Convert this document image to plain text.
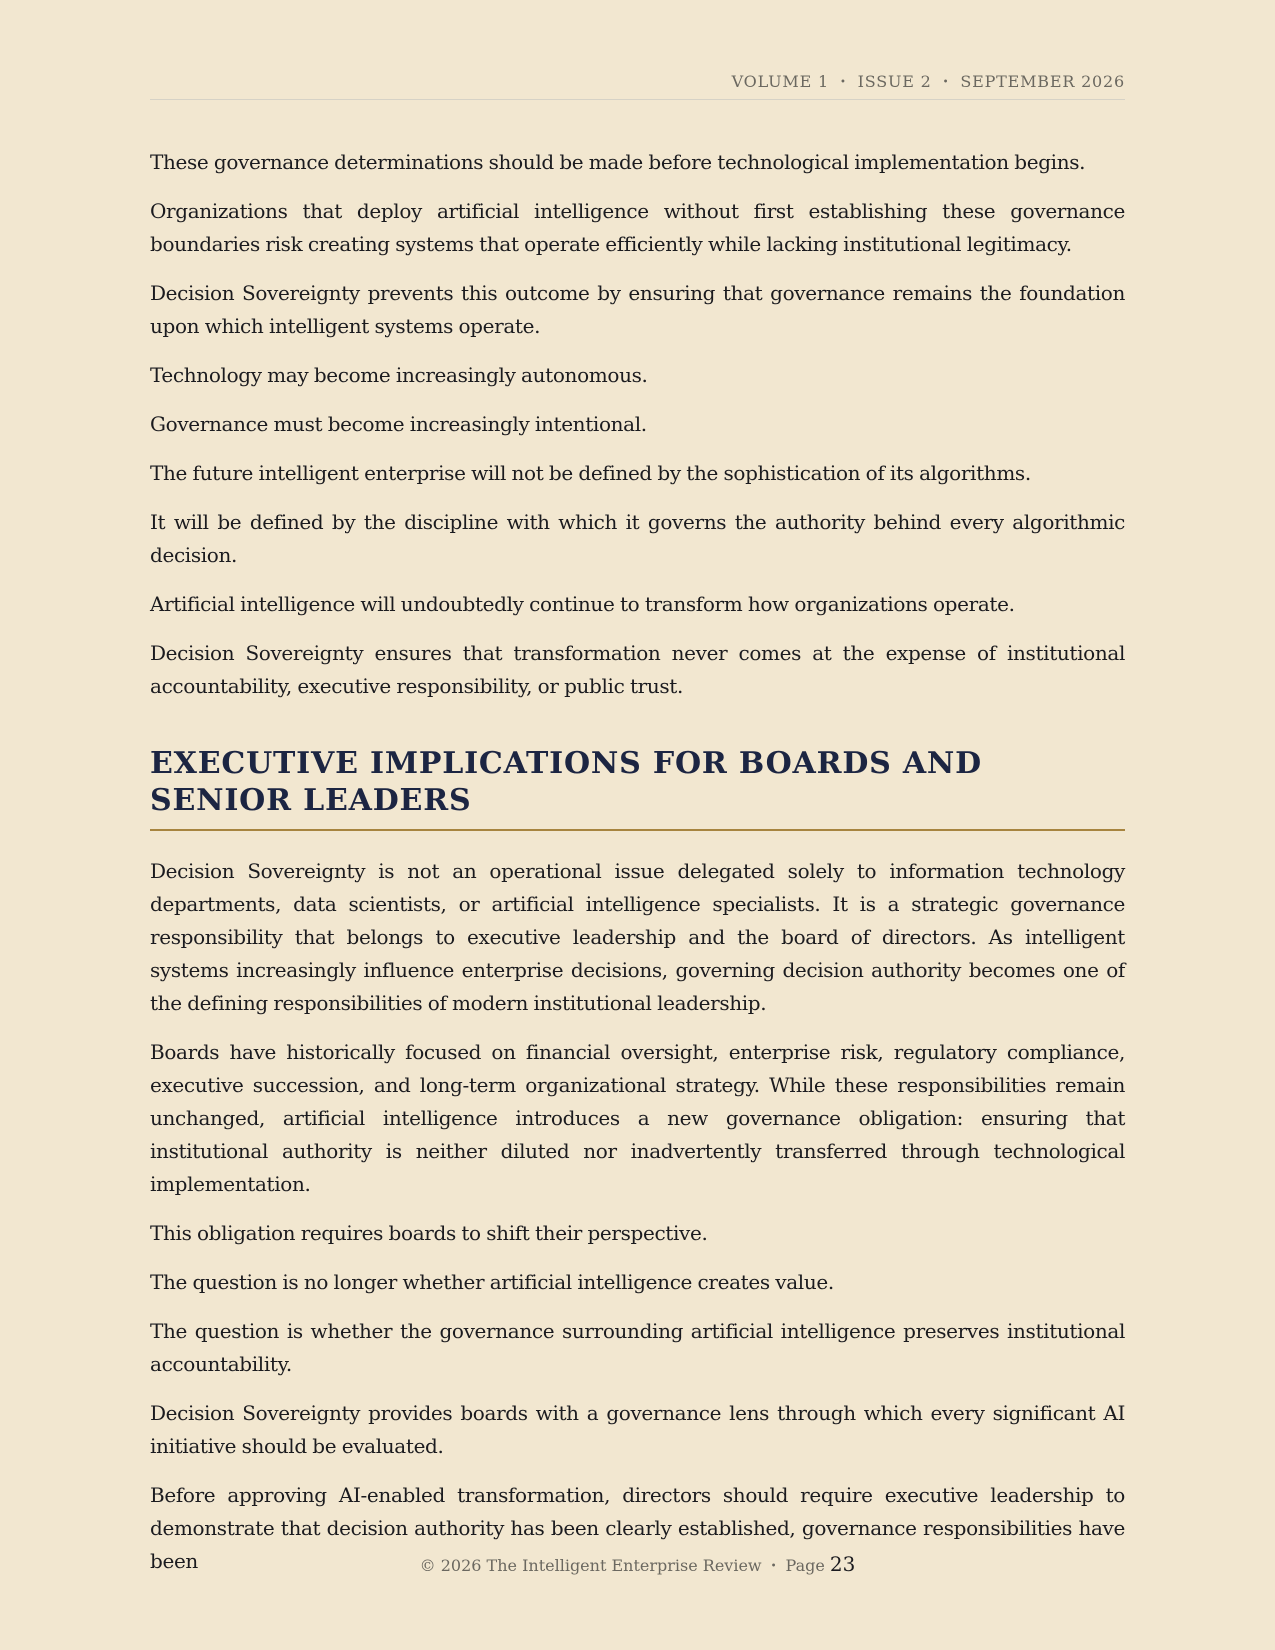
VOLUME 1 • ISSUE 2 • SEPTEMBER 2026

These governance determinations should be made before technological implementation begins.

Organizations that deploy artificial intelligence without first establishing these governance boundaries risk creating systems that operate efficiently while lacking institutional legitimacy.

Decision Sovereignty prevents this outcome by ensuring that governance remains the foundation upon which intelligent systems operate.

Technology may become increasingly autonomous.

Governance must become increasingly intentional.

The future intelligent enterprise will not be defined by the sophistication of its algorithms.

It will be defined by the discipline with which it governs the authority behind every algorithmic decision.

Artificial intelligence will undoubtedly continue to transform how organizations operate.

Decision Sovereignty ensures that transformation never comes at the expense of institutional accountability, executive responsibility, or public trust.

EXECUTIVE IMPLICATIONS FOR BOARDS AND SENIOR LEADERS

Decision Sovereignty is not an operational issue delegated solely to information technology departments, data scientists, or artificial intelligence specialists. It is a strategic governance responsibility that belongs to executive leadership and the board of directors. As intelligent systems increasingly influence enterprise decisions, governing decision authority becomes one of the defining responsibilities of modern institutional leadership.

Boards have historically focused on financial oversight, enterprise risk, regulatory compliance, executive succession, and long-term organizational strategy. While these responsibilities remain unchanged, artificial intelligence introduces a new governance obligation: ensuring that institutional authority is neither diluted nor inadvertently transferred through technological implementation.

This obligation requires boards to shift their perspective.

The question is no longer whether artificial intelligence creates value.

The question is whether the governance surrounding artificial intelligence preserves institutional accountability.

Decision Sovereignty provides boards with a governance lens through which every significant AI initiative should be evaluated.

Before approving AI-enabled transformation, directors should require executive leadership to demonstrate that decision authority has been clearly established, governance responsibilities have been	© 2026 The Intelligent Enterprise Review • Page 23
